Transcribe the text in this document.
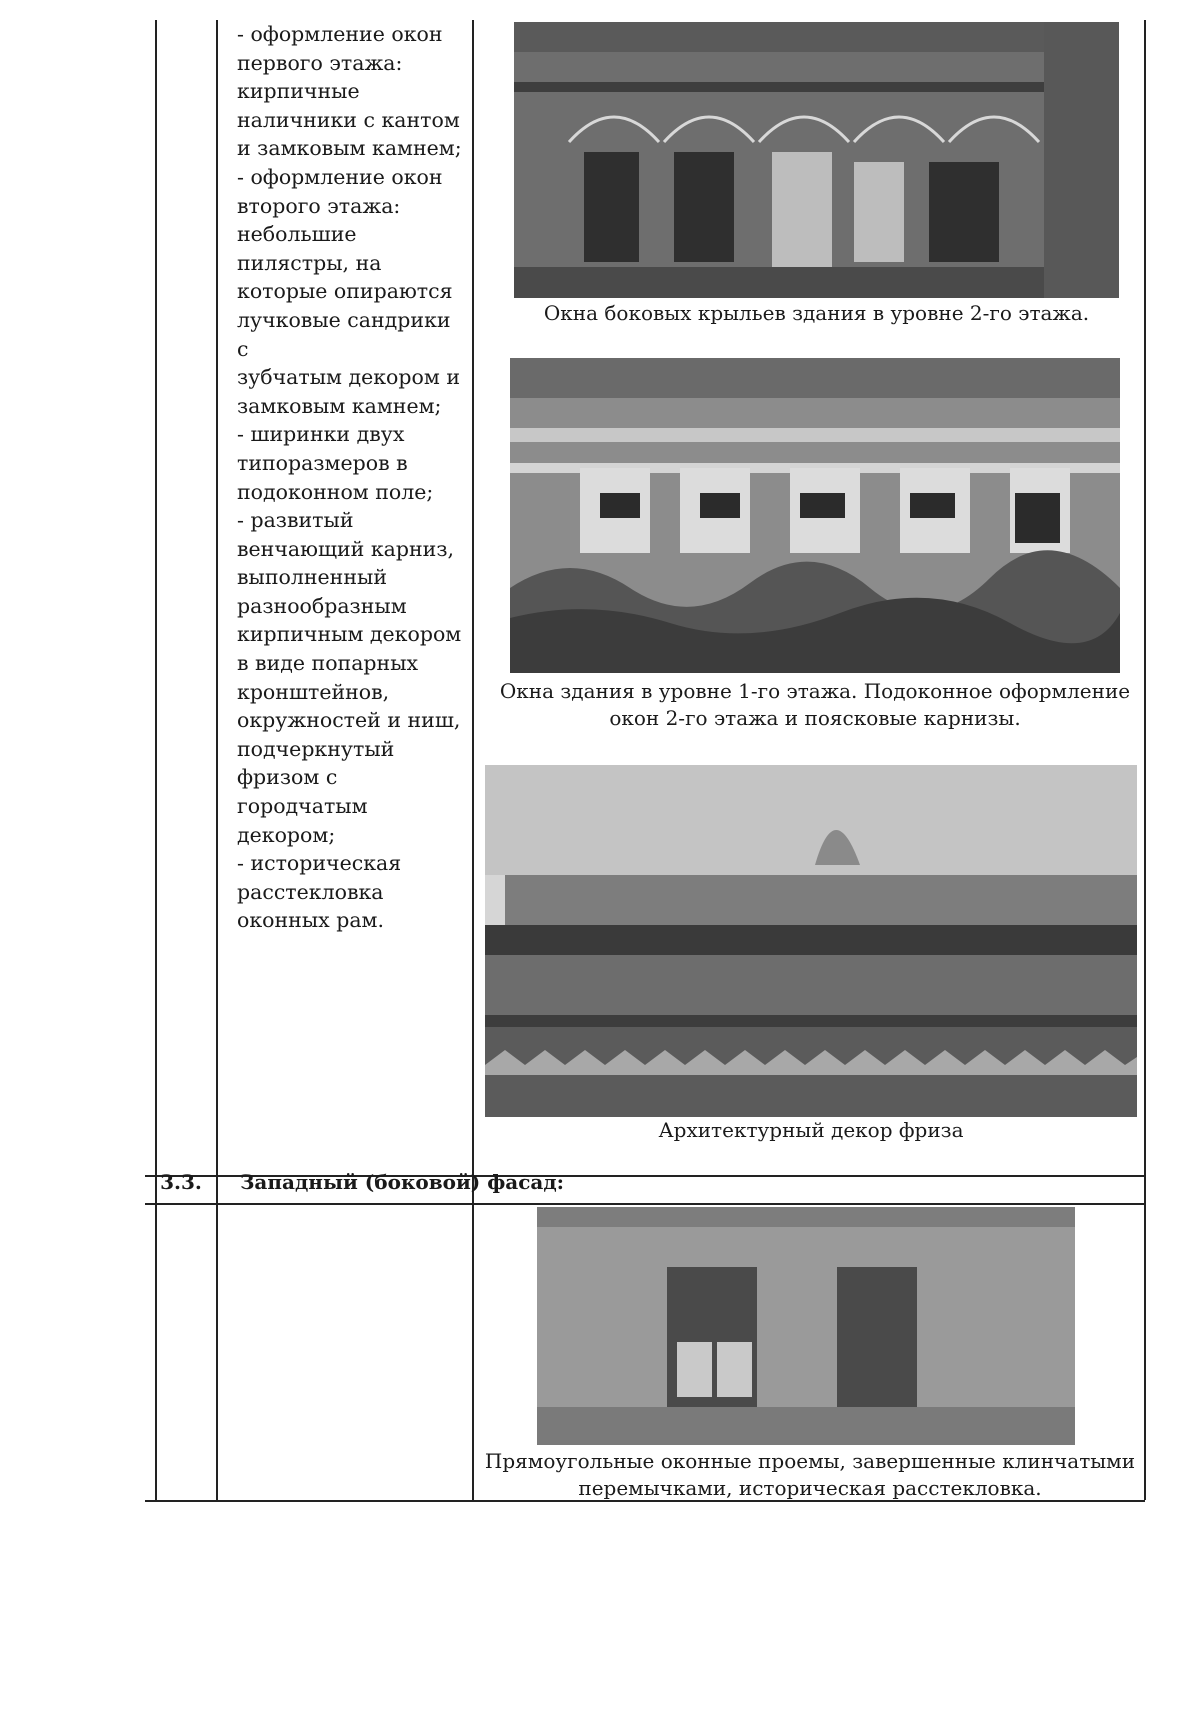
- оформление окон
первого этажа:
кирпичные
наличники с кантом
и замковым камнем;
- оформление окон
второго этажа:
небольшие
пилястры, на
которые опираются
лучковые сандрики с
зубчатым декором и
замковым камнем;
- ширинки двух
типоразмеров в
подоконном поле;
- развитый
венчающий карниз,
выполненный
разнообразным
кирпичным декором
в виде попарных
кронштейнов,
окружностей и ниш,
подчеркнутый
фризом с
городчатым декором;
- историческая
расстекловка
оконных рам.
Окна боковых крыльев здания в уровне 2-го этажа.
Окна здания в уровне 1-го этажа. Подоконное оформление окон 2-го этажа и поясковые карнизы.
Архитектурный декор фриза
3.3.	Западный (боковой) фасад:
Прямоугольные оконные проемы, завершенные клинчатыми перемычками, историческая расстекловка.
